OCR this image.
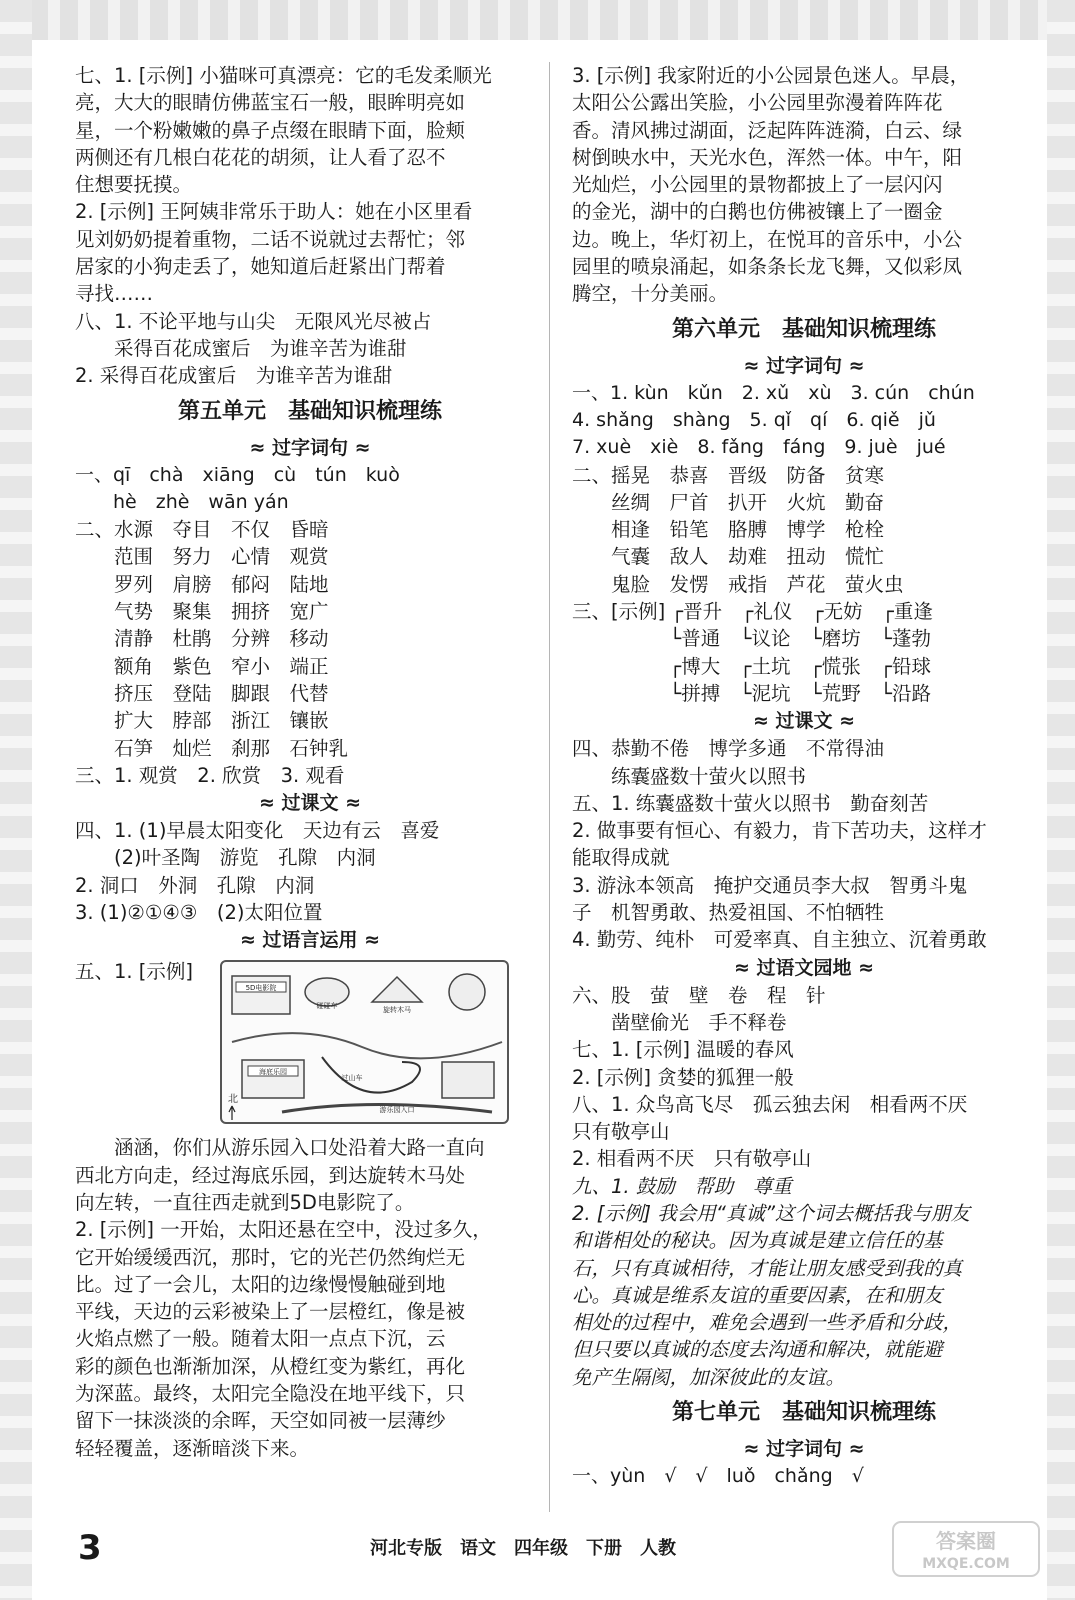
七、1. [示例] 小猫咪可真漂亮：它的毛发柔顺光
亮，大大的眼睛仿佛蓝宝石一般，眼眸明亮如
星，一个粉嫩嫩的鼻子点缀在眼睛下面，脸颊
两侧还有几根白花花的胡须，让人看了忍不
住想要抚摸。
2. [示例] 王阿姨非常乐于助人：她在小区里看
见刘奶奶提着重物，二话不说就过去帮忙；邻
居家的小狗走丢了，她知道后赶紧出门帮着
寻找……
八、1. 不论平地与山尖　无限风光尽被占
　　采得百花成蜜后　为谁辛苦为谁甜
2. 采得百花成蜜后　为谁辛苦为谁甜
第五单元　基础知识梳理练
≈ 过字词句 ≈
一、qī　chà　xiāng　cù　tún　kuò
　　hè　zhè　wān yán
二、水源　夺目　不仅　昏暗
　　范围　努力　心情　观赏
　　罗列　肩膀　郁闷　陆地
　　气势　聚集　拥挤　宽广
　　清静　杜鹃　分辨　移动
　　额角　紫色　窄小　端正
　　挤压　登陆　脚跟　代替
　　扩大　脖部　浙江　镶嵌
　　石笋　灿烂　刹那　石钟乳
三、1. 观赏　2. 欣赏　3. 观看
≈ 过课文 ≈
四、1. (1)早晨太阳变化　天边有云　喜爱
　　(2)叶圣陶　游览　孔隙　内洞
2. 洞口　外洞　孔隙　内洞
3. (1)②①④③　(2)太阳位置
≈ 过语言运用 ≈
五、1. [示例]
5D电影院
碰碰车	旋转木马
海底乐园
过山车
游乐园入口
北
　　涵涵，你们从游乐园入口处沿着大路一直向
西北方向走，经过海底乐园，到达旋转木马处
向左转，一直往西走就到5D电影院了。
2. [示例] 一开始，太阳还悬在空中，没过多久，
它开始缓缓西沉，那时，它的光芒仍然绚烂无
比。过了一会儿，太阳的边缘慢慢触碰到地
平线，天边的云彩被染上了一层橙红，像是被
火焰点燃了一般。随着太阳一点点下沉，云
彩的颜色也渐渐加深，从橙红变为紫红，再化
为深蓝。最终，太阳完全隐没在地平线下，只
留下一抹淡淡的余晖，天空如同被一层薄纱
轻轻覆盖，逐渐暗淡下来。
3. [示例] 我家附近的小公园景色迷人。早晨，
太阳公公露出笑脸，小公园里弥漫着阵阵花
香。清风拂过湖面，泛起阵阵涟漪，白云、绿
树倒映水中，天光水色，浑然一体。中午，阳
光灿烂，小公园里的景物都披上了一层闪闪
的金光，湖中的白鹅也仿佛被镶上了一圈金
边。晚上，华灯初上，在悦耳的音乐中，小公
园里的喷泉涌起，如条条长龙飞舞，又似彩凤
腾空，十分美丽。
第六单元　基础知识梳理练
≈ 过字词句 ≈
一、1. kùn　kǔn　2. xǔ　xù　3. cún　chún
4. shǎng　shàng　5. qǐ　qí　6. qiě　jǔ
7. xuè　xiè　8. fǎng　fáng　9. juè　jué
二、摇晃　恭喜　晋级　防备　贫寒
　　丝绸　尸首　扒开　火炕　勤奋
　　相逢　铅笔　胳膊　博学　枪栓
　　气囊　敌人　劫难　扭动　慌忙
　　鬼脸　发愣　戒指　芦花　萤火虫
三、[示例] ┌晋升　┌礼仪　┌无妨　┌重逢
　　　　　└普通　└议论　└磨坊　└蓬勃
　　　　　┌博大　┌土坑　┌慌张　┌铅球
　　　　　└拼搏　└泥坑　└荒野　└沿路
≈ 过课文 ≈
四、恭勤不倦　博学多通　不常得油
　　练囊盛数十萤火以照书
五、1. 练囊盛数十萤火以照书　勤奋刻苦
2. 做事要有恒心、有毅力，肯下苦功夫，这样才
能取得成就
3. 游泳本领高　掩护交通员李大叔　智勇斗鬼
子　机智勇敢、热爱祖国、不怕牺牲
4. 勤劳、纯朴　可爱率真、自主独立、沉着勇敢
≈ 过语文园地 ≈
六、股　萤　壁　卷　程　针
　　凿壁偷光　手不释卷
七、1. [示例] 温暖的春风
2. [示例] 贪婪的狐狸一般
八、1. 众鸟高飞尽　孤云独去闲　相看两不厌
只有敬亭山
2. 相看两不厌　只有敬亭山
九、1. 鼓励　帮助　尊重
2. [示例] 我会用“真诚”这个词去概括我与朋友
和谐相处的秘诀。因为真诚是建立信任的基
石，只有真诚相待，才能让朋友感受到我的真
心。真诚是维系友谊的重要因素，在和朋友
相处的过程中，难免会遇到一些矛盾和分歧，
但只要以真诚的态度去沟通和解决，就能避
免产生隔阂，加深彼此的友谊。
第七单元　基础知识梳理练
≈ 过字词句 ≈
一、yùn　√　√　luǒ　chǎng　√
3	河北专版　语文　四年级　下册　人教	答案圈
MXQE.COM
